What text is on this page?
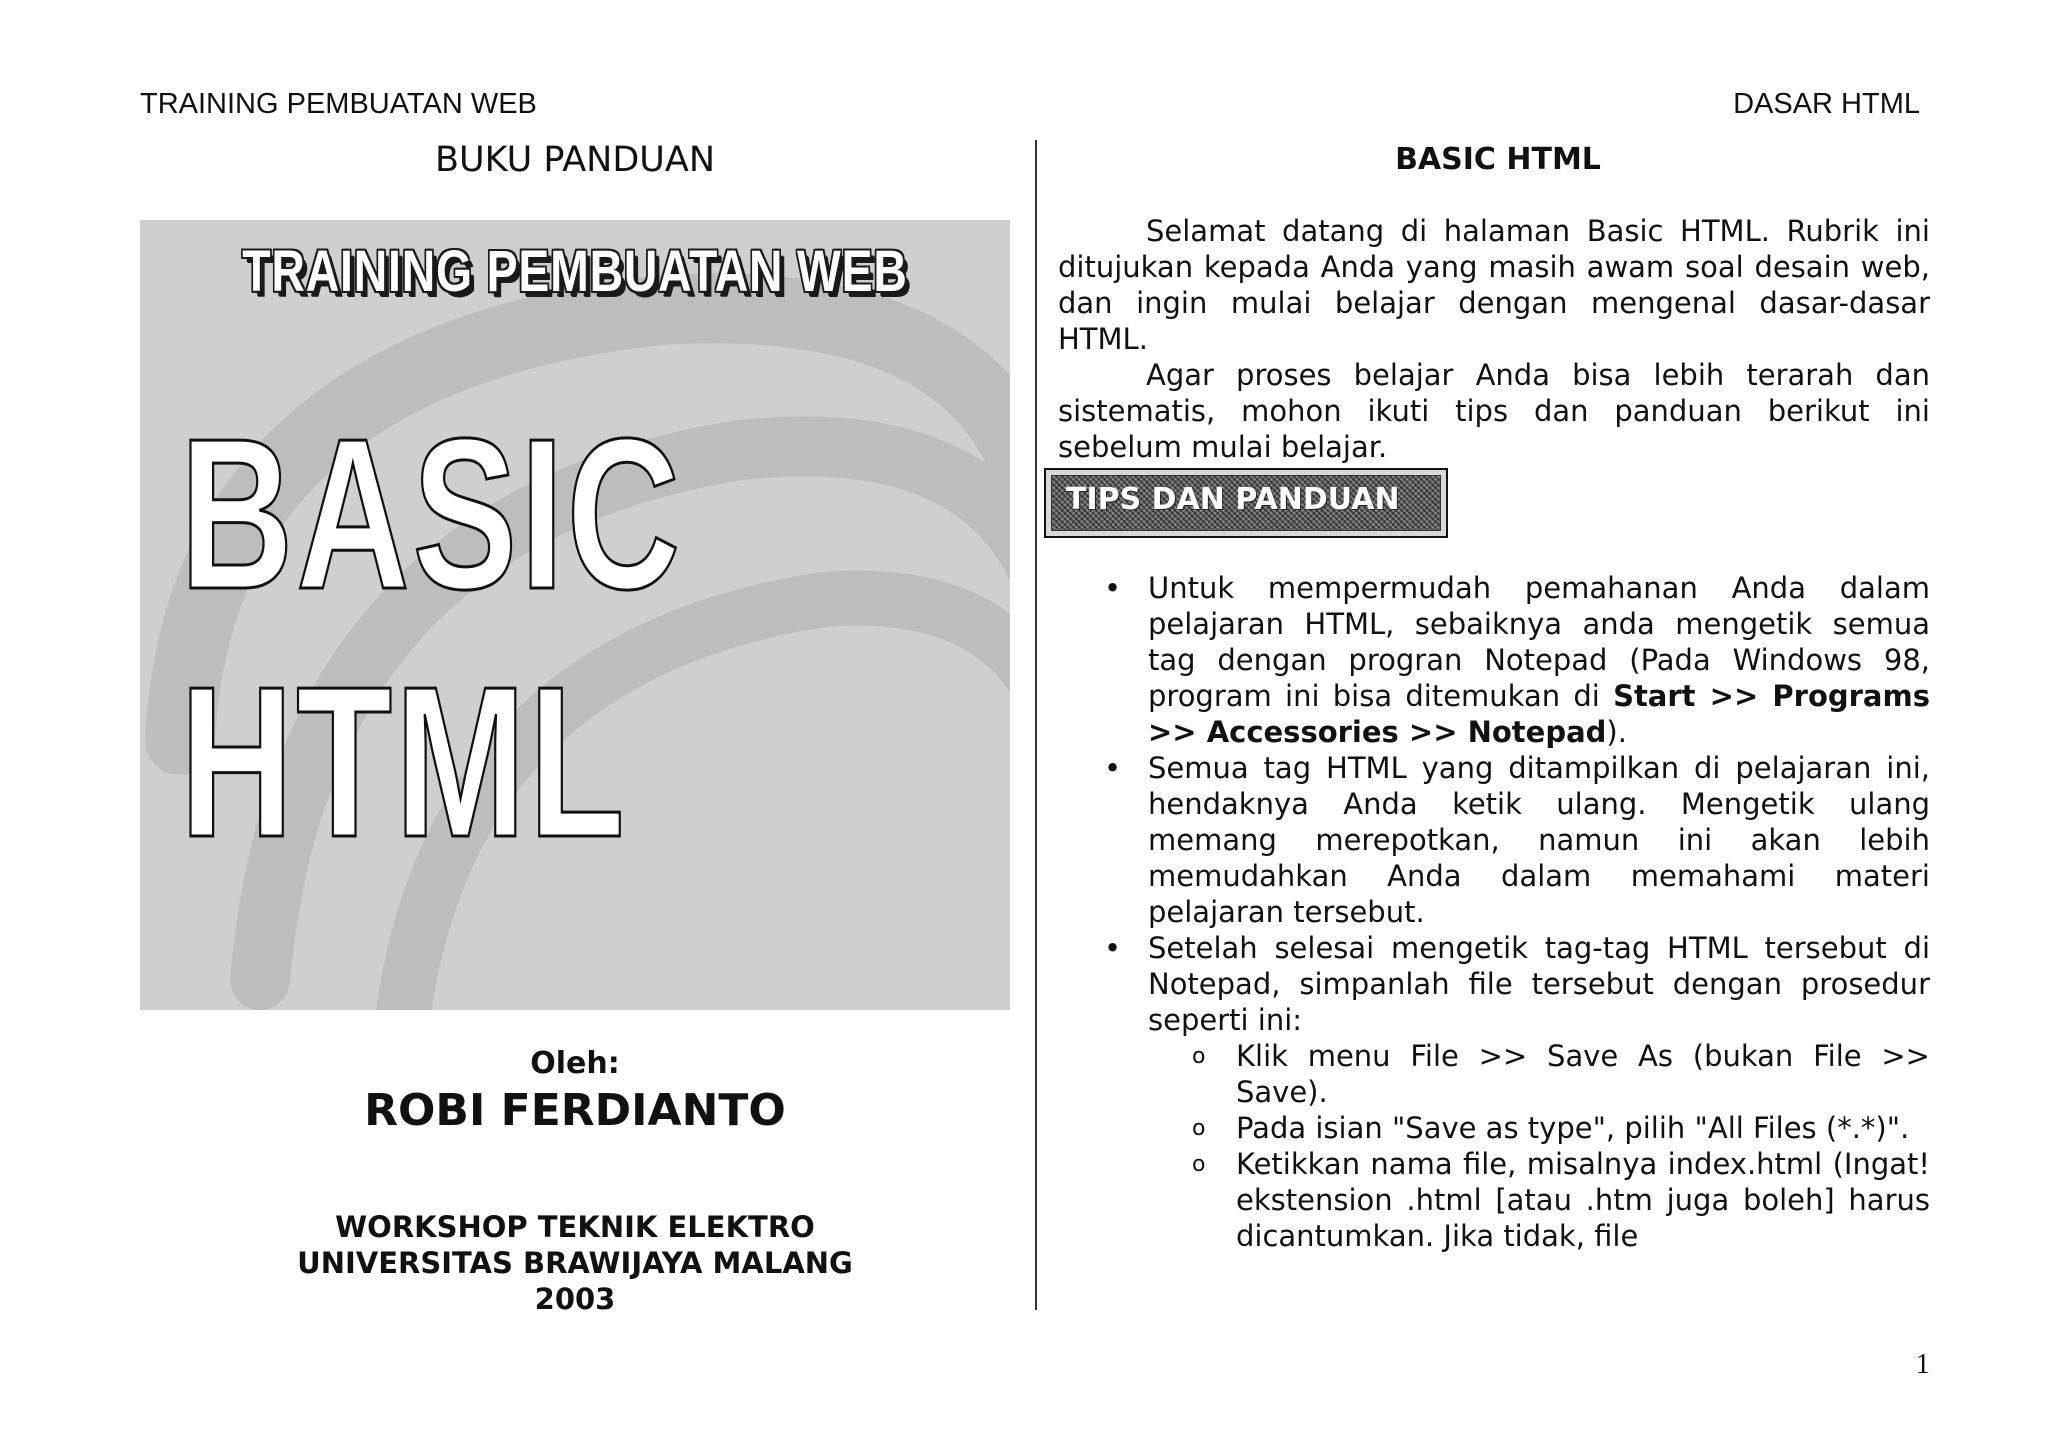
TRAINING PEMBUATAN WEB	DASAR HTML
BUKU PANDUAN
TRAINING PEMBUATAN WEB
BASIC HTML
Oleh:
ROBI FERDIANTO
WORKSHOP TEKNIK ELEKTRO
UNIVERSITAS BRAWIJAYA MALANG
2003
BASIC HTML

Selamat datang di halaman Basic HTML. Rubrik ini ditujukan kepada Anda yang masih awam soal desain web, dan ingin mulai belajar dengan mengenal dasar-dasar HTML.

Agar proses belajar Anda bisa lebih terarah dan sistematis, mohon ikuti tips dan panduan berikut ini sebelum mulai belajar.

TIPS DAN PANDUAN
• Untuk mempermudah pemahanan Anda dalam pelajaran HTML, sebaiknya anda mengetik semua tag dengan progran Notepad (Pada Windows 98, program ini bisa ditemukan di Start >> Programs >> Accessories >> Notepad).
• Semua tag HTML yang ditampilkan di pelajaran ini, hendaknya Anda ketik ulang. Mengetik ulang memang merepotkan, namun ini akan lebih memudahkan Anda dalam memahami materi pelajaran tersebut.
• Setelah selesai mengetik tag-tag HTML tersebut di Notepad, simpanlah file tersebut dengan prosedur seperti ini:
o Klik menu File >> Save As (bukan File >> Save).
o Pada isian "Save as type", pilih "All Files (*.*)".
o Ketikkan nama file, misalnya index.html (Ingat! ekstension .html [atau .htm juga boleh] harus dicantumkan. Jika tidak, file
1
